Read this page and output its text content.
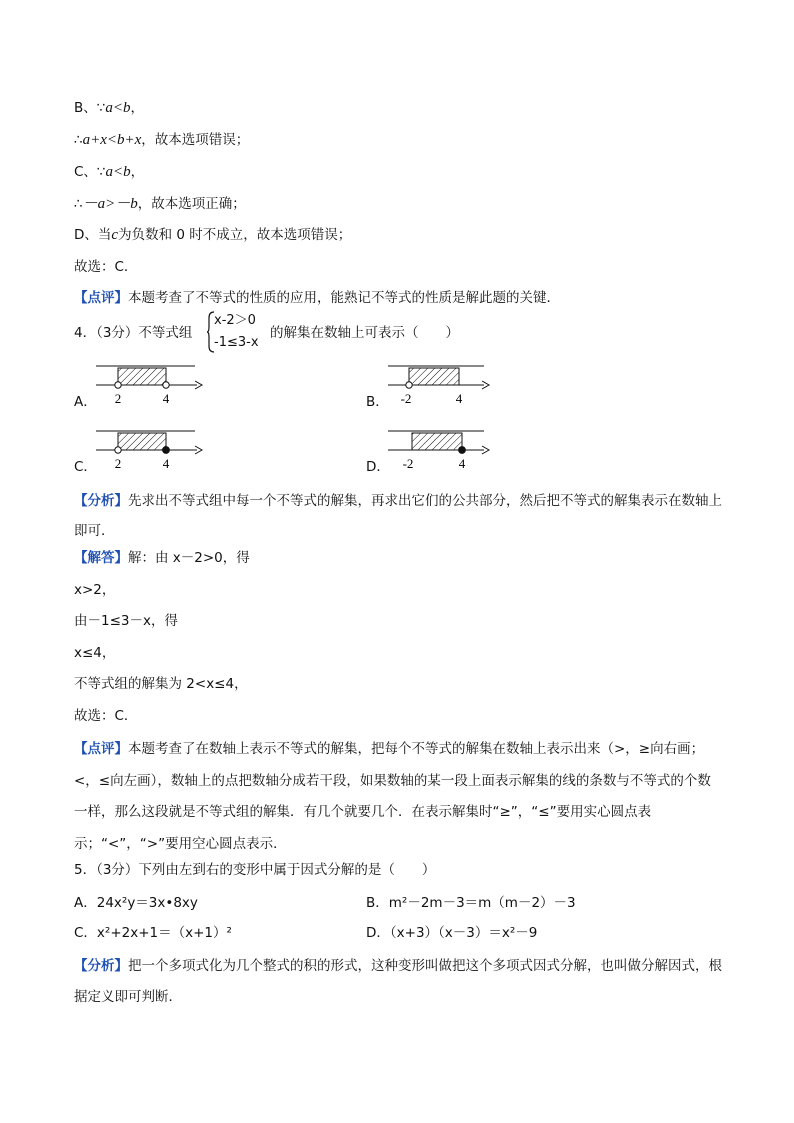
B、∵a<b，
∴a+x<b+x，故本选项错误；
C、∵a<b，
∴－a>－b，故本选项正确；
D、当c为负数和 0 时不成立，故本选项错误；
故选：C．
【点评】本题考查了不等式的性质的应用，能熟记不等式的性质是解此题的关键．
4．（3分）不等式组
x-2＞0
-1≤3-x
的解集在数轴上可表示（　　）
A． 2	4	B． -2	4
C． 2	4	D． -2	4
【分析】先求出不等式组中每一个不等式的解集，再求出它们的公共部分，然后把不等式的解集表示在数轴上即可．
【解答】解：由 x－2>0，得
x>2，
由－1≤3－x，得
x≤4，
不等式组的解集为 2<x≤4，
故选：C．
【点评】本题考查了在数轴上表示不等式的解集，把每个不等式的解集在数轴上表示出来（>，≥向右画；<，≤向左画），数轴上的点把数轴分成若干段，如果数轴的某一段上面表示解集的线的条数与不等式的个数一样，那么这段就是不等式组的解集．有几个就要几个．在表示解集时“≥”，“≤”要用实心圆点表示；“<”，“>”要用空心圆点表示．
5．（3分）下列由左到右的变形中属于因式分解的是（　　）
A．24x²y＝3x•8xy	B．m²－2m－3＝m（m－2）－3
C．x²+2x+1＝（x+1）²	D．（x+3）（x－3）＝x²－9
【分析】把一个多项式化为几个整式的积的形式，这种变形叫做把这个多项式因式分解，也叫做分解因式，根据定义即可判断．
